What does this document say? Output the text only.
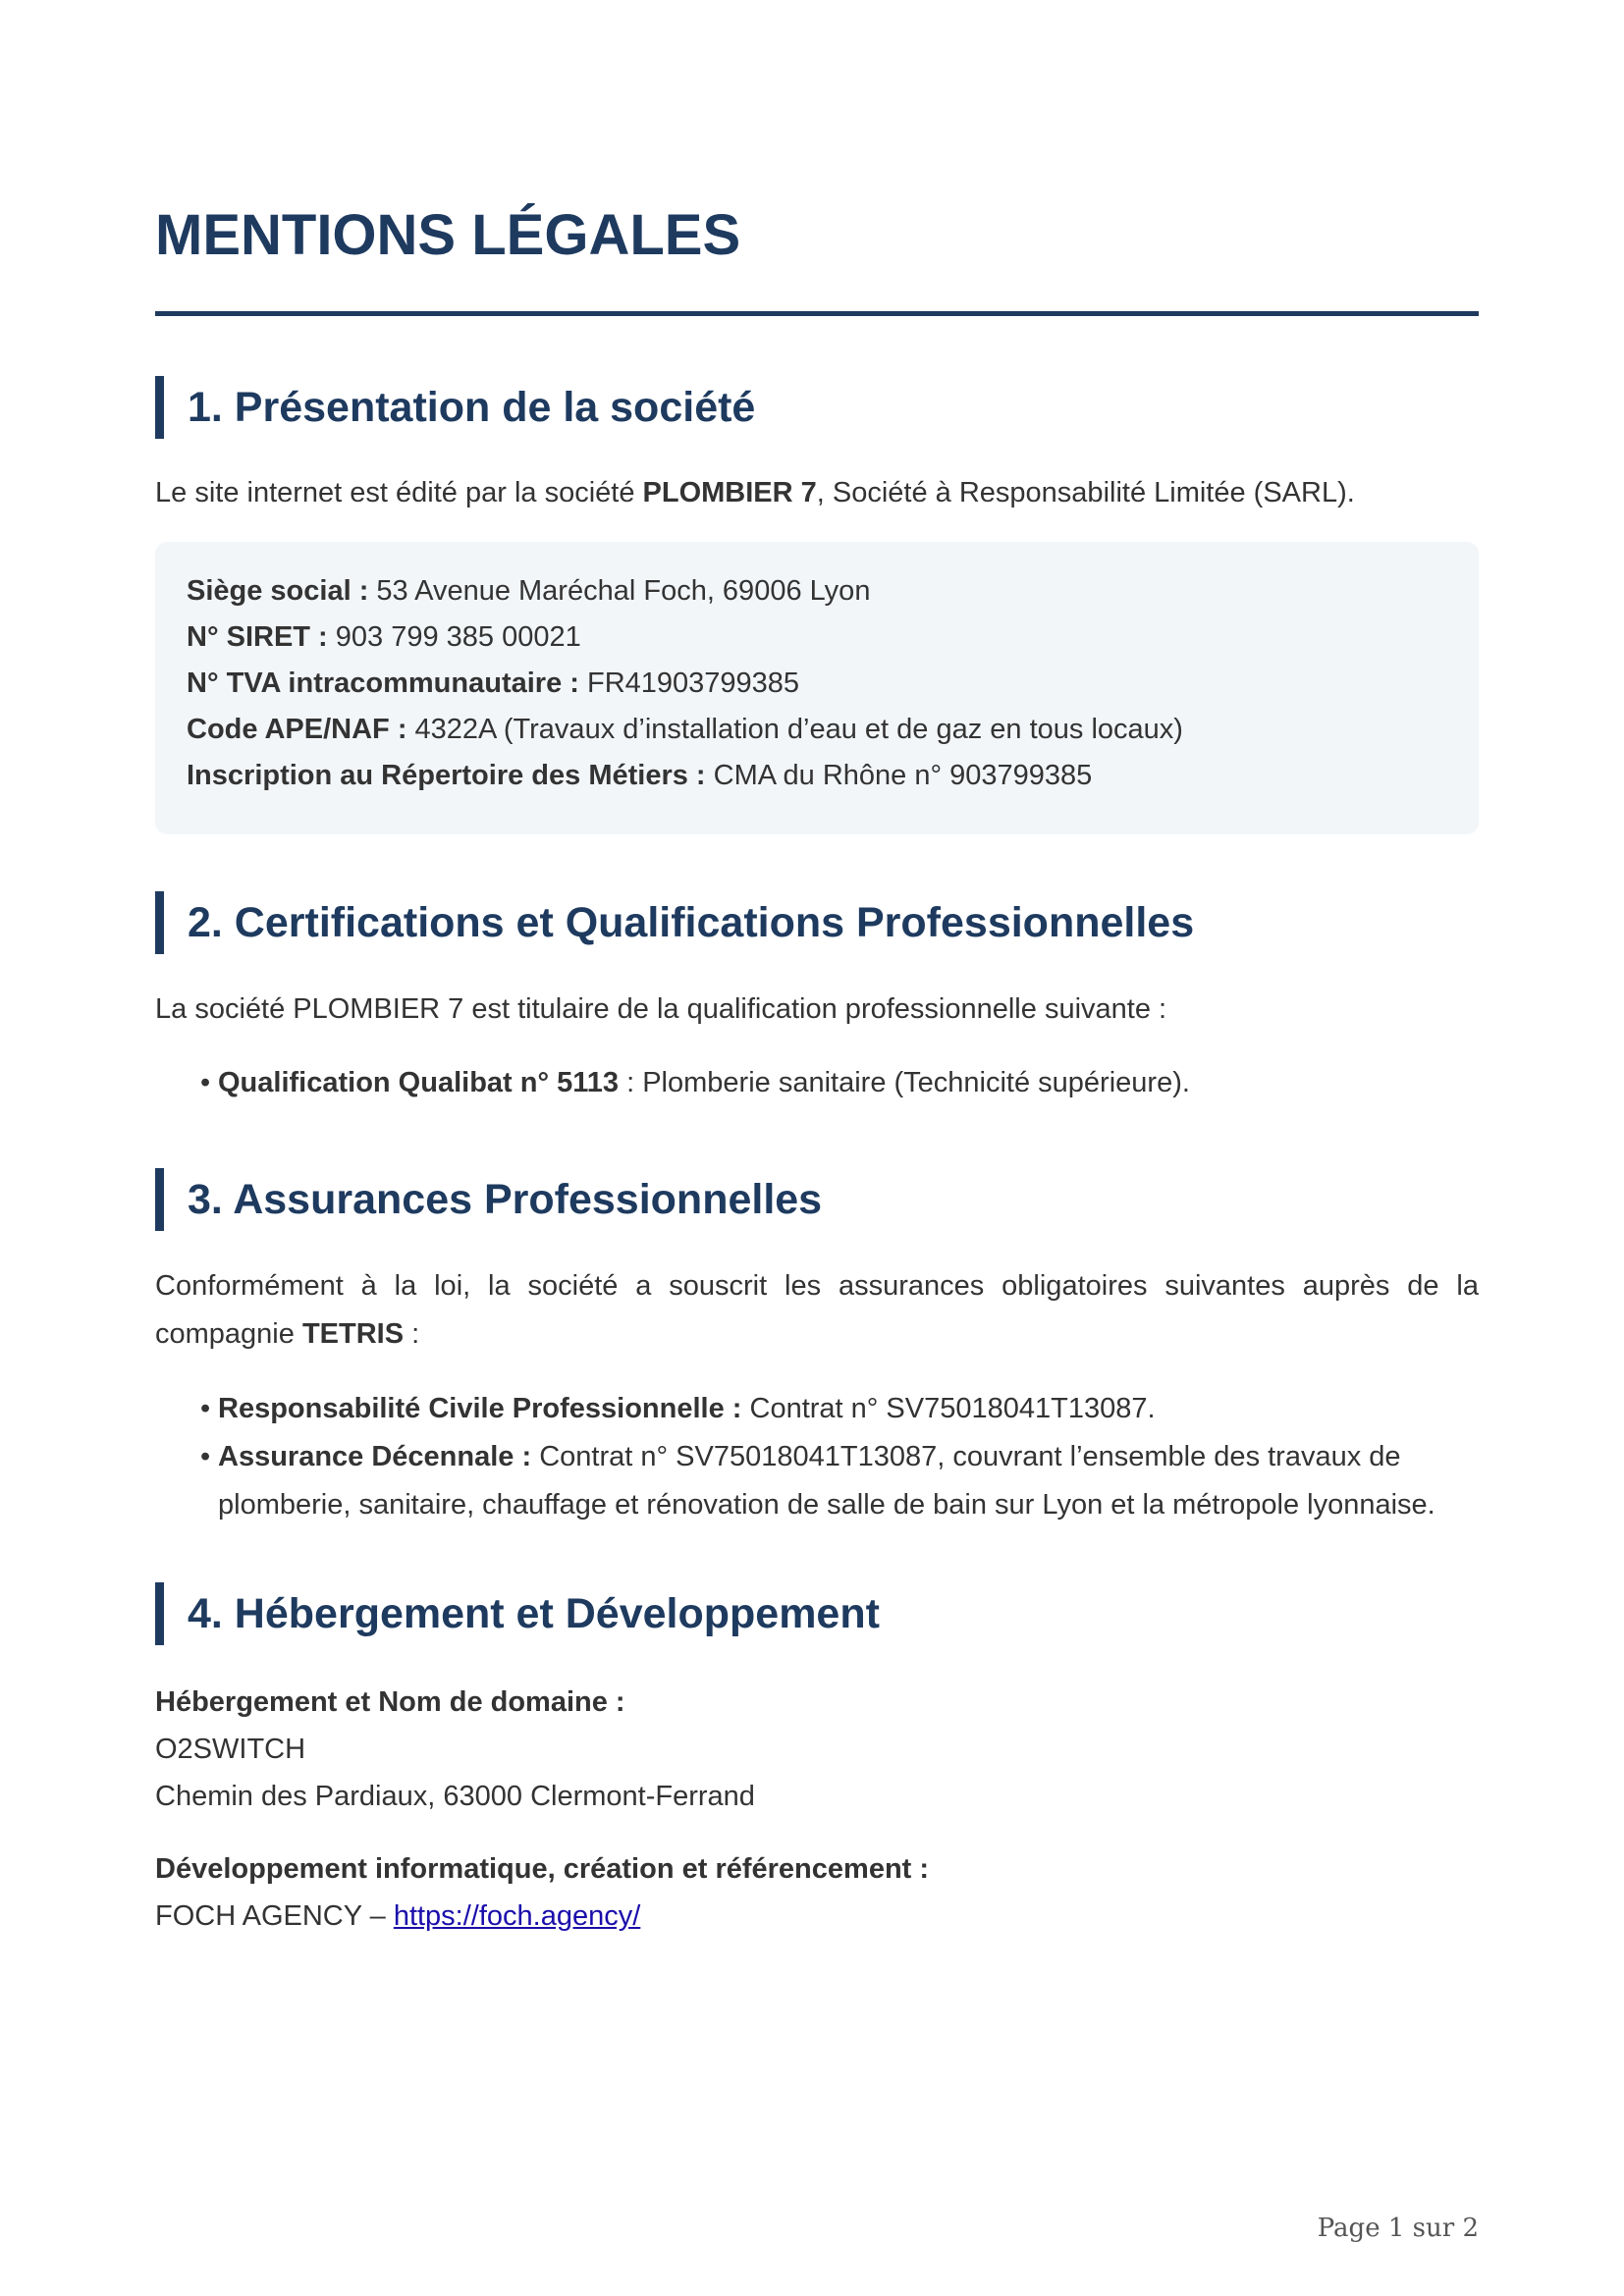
MENTIONS LÉGALES
1. Présentation de la société

Le site internet est édité par la société PLOMBIER 7, Société à Responsabilité Limitée (SARL).

Siège social : 53 Avenue Maréchal Foch, 69006 Lyon
N° SIRET : 903 799 385 00021
N° TVA intracommunautaire : FR41903799385
Code APE/NAF : 4322A (Travaux d’installation d’eau et de gaz en tous locaux)
Inscription au Répertoire des Métiers : CMA du Rhône n° 903799385
2. Certifications et Qualifications Professionnelles

La société PLOMBIER 7 est titulaire de la qualification professionnelle suivante :

• Qualification Qualibat n° 5113 : Plomberie sanitaire (Technicité supérieure).
3. Assurances Professionnelles

Conformément à la loi, la société a souscrit les assurances obligatoires suivantes auprès de la compagnie TETRIS :

• Responsabilité Civile Professionnelle : Contrat n° SV75018041T13087.
• Assurance Décennale : Contrat n° SV75018041T13087, couvrant l’ensemble des travaux de plomberie, sanitaire, chauffage et rénovation de salle de bain sur Lyon et la métropole lyonnaise.
4. Hébergement et Développement

Hébergement et Nom de domaine :

O2SWITCH

Chemin des Pardiaux, 63000 Clermont-Ferrand

Développement informatique, création et référencement :

FOCH AGENCY – https://foch.agency/

Page 1 sur 2
